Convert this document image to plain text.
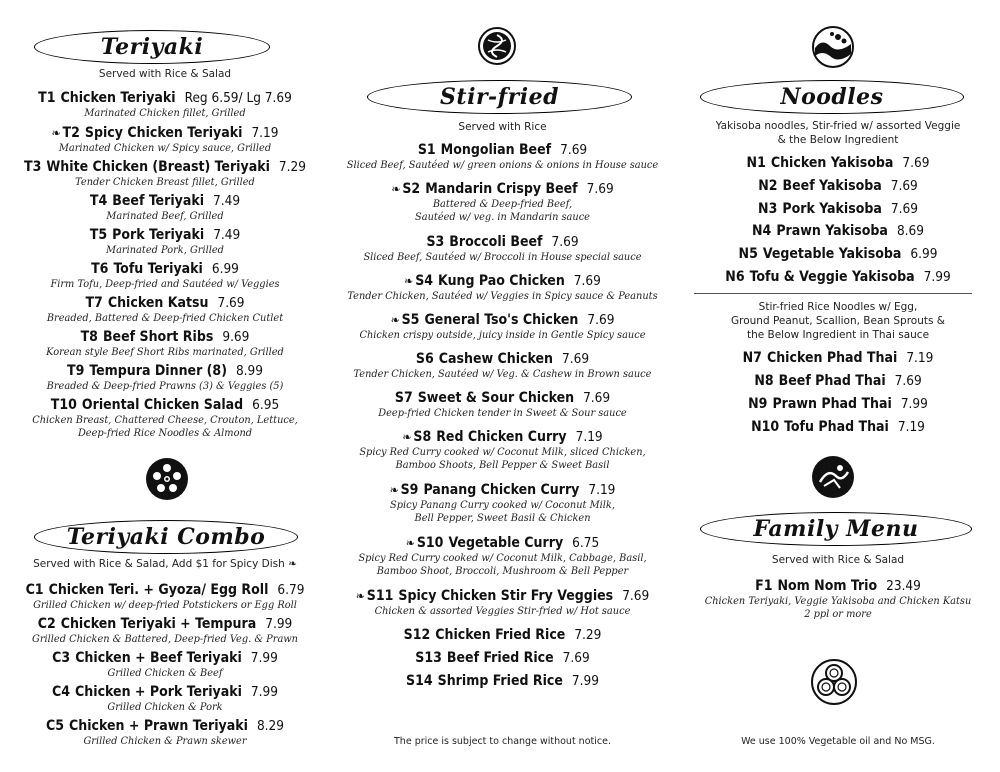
Teriyaki
Served with Rice & Salad
T1 Chicken Teriyaki Reg 6.59/ Lg 7.69
Marinated Chicken fillet, Grilled
❧ T2 Spicy Chicken Teriyaki 7.19
Marinated Chicken w/ Spicy sauce, Grilled
T3 White Chicken (Breast) Teriyaki 7.29
Tender Chicken Breast fillet, Grilled
T4 Beef Teriyaki 7.49
Marinated Beef, Grilled
T5 Pork Teriyaki 7.49
Marinated Pork, Grilled
T6 Tofu Teriyaki 6.99
Firm Tofu, Deep-fried and Sautéed w/ Veggies
T7 Chicken Katsu 7.69
Breaded, Battered & Deep-fried Chicken Cutlet
T8 Beef Short Ribs 9.69
Korean style Beef Short Ribs marinated, Grilled
T9 Tempura Dinner (8) 8.99
Breaded & Deep-fried Prawns (3) & Veggies (5)
T10 Oriental Chicken Salad 6.95
Chicken Breast, Chattered Cheese, Crouton, Lettuce,
Deep-fried Rice Noodles & Almond
Teriyaki Combo
Served with Rice & Salad, Add $1 for Spicy Dish ❧
C1 Chicken Teri. + Gyoza/ Egg Roll 6.79
Grilled Chicken w/ deep-fried Potstickers or Egg Roll
C2 Chicken Teriyaki + Tempura 7.99
Grilled Chicken & Battered, Deep-fried Veg. & Prawn
C3 Chicken + Beef Teriyaki 7.99
Grilled Chicken & Beef
C4 Chicken + Pork Teriyaki 7.99
Grilled Chicken & Pork
C5 Chicken + Prawn Teriyaki 8.29
Grilled Chicken & Prawn skewer
Stir-fried
Served with Rice
S1 Mongolian Beef 7.69
Sliced Beef, Sautéed w/ green onions & onions in House sauce
❧ S2 Mandarin Crispy Beef 7.69
Battered & Deep-fried Beef,
Sautéed w/ veg. in Mandarin sauce
S3 Broccoli Beef 7.69
Sliced Beef, Sautéed w/ Broccoli in House special sauce
❧ S4 Kung Pao Chicken 7.69
Tender Chicken, Sautéed w/ Veggies in Spicy sauce & Peanuts
❧ S5 General Tso's Chicken 7.69
Chicken crispy outside, juicy inside in Gentle Spicy sauce
S6 Cashew Chicken 7.69
Tender Chicken, Sautéed w/ Veg. & Cashew in Brown sauce
S7 Sweet & Sour Chicken 7.69
Deep-fried Chicken tender in Sweet & Sour sauce
❧ S8 Red Chicken Curry 7.19
Spicy Red Curry cooked w/ Coconut Milk, sliced Chicken,
Bamboo Shoots, Bell Pepper & Sweet Basil
❧ S9 Panang Chicken Curry 7.19
Spicy Panang Curry cooked w/ Coconut Milk,
Bell Pepper, Sweet Basil & Chicken
❧ S10 Vegetable Curry 6.75
Spicy Red Curry cooked w/ Coconut Milk, Cabbage, Basil,
Bamboo Shoot, Broccoli, Mushroom & Bell Pepper
❧ S11 Spicy Chicken Stir Fry Veggies 7.69
Chicken & assorted Veggies Stir-fried w/ Hot sauce
S12 Chicken Fried Rice 7.29
S13 Beef Fried Rice 7.69
S14 Shrimp Fried Rice 7.99
The price is subject to change without notice.
Noodles
Yakisoba noodles, Stir-fried w/ assorted Veggie
& the Below Ingredient
N1 Chicken Yakisoba 7.69
N2 Beef Yakisoba 7.69
N3 Pork Yakisoba 7.69
N4 Prawn Yakisoba 8.69
N5 Vegetable Yakisoba 6.99
N6 Tofu & Veggie Yakisoba 7.99
Stir-fried Rice Noodles w/ Egg,
Ground Peanut, Scallion, Bean Sprouts &
the Below Ingredient in Thai sauce
N7 Chicken Phad Thai 7.19
N8 Beef Phad Thai 7.69
N9 Prawn Phad Thai 7.99
N10 Tofu Phad Thai 7.19
Family Menu
Served with Rice & Salad
F1 Nom Nom Trio 23.49
Chicken Teriyaki, Veggie Yakisoba and Chicken Katsu
2 ppl or more
We use 100% Vegetable oil and No MSG.
